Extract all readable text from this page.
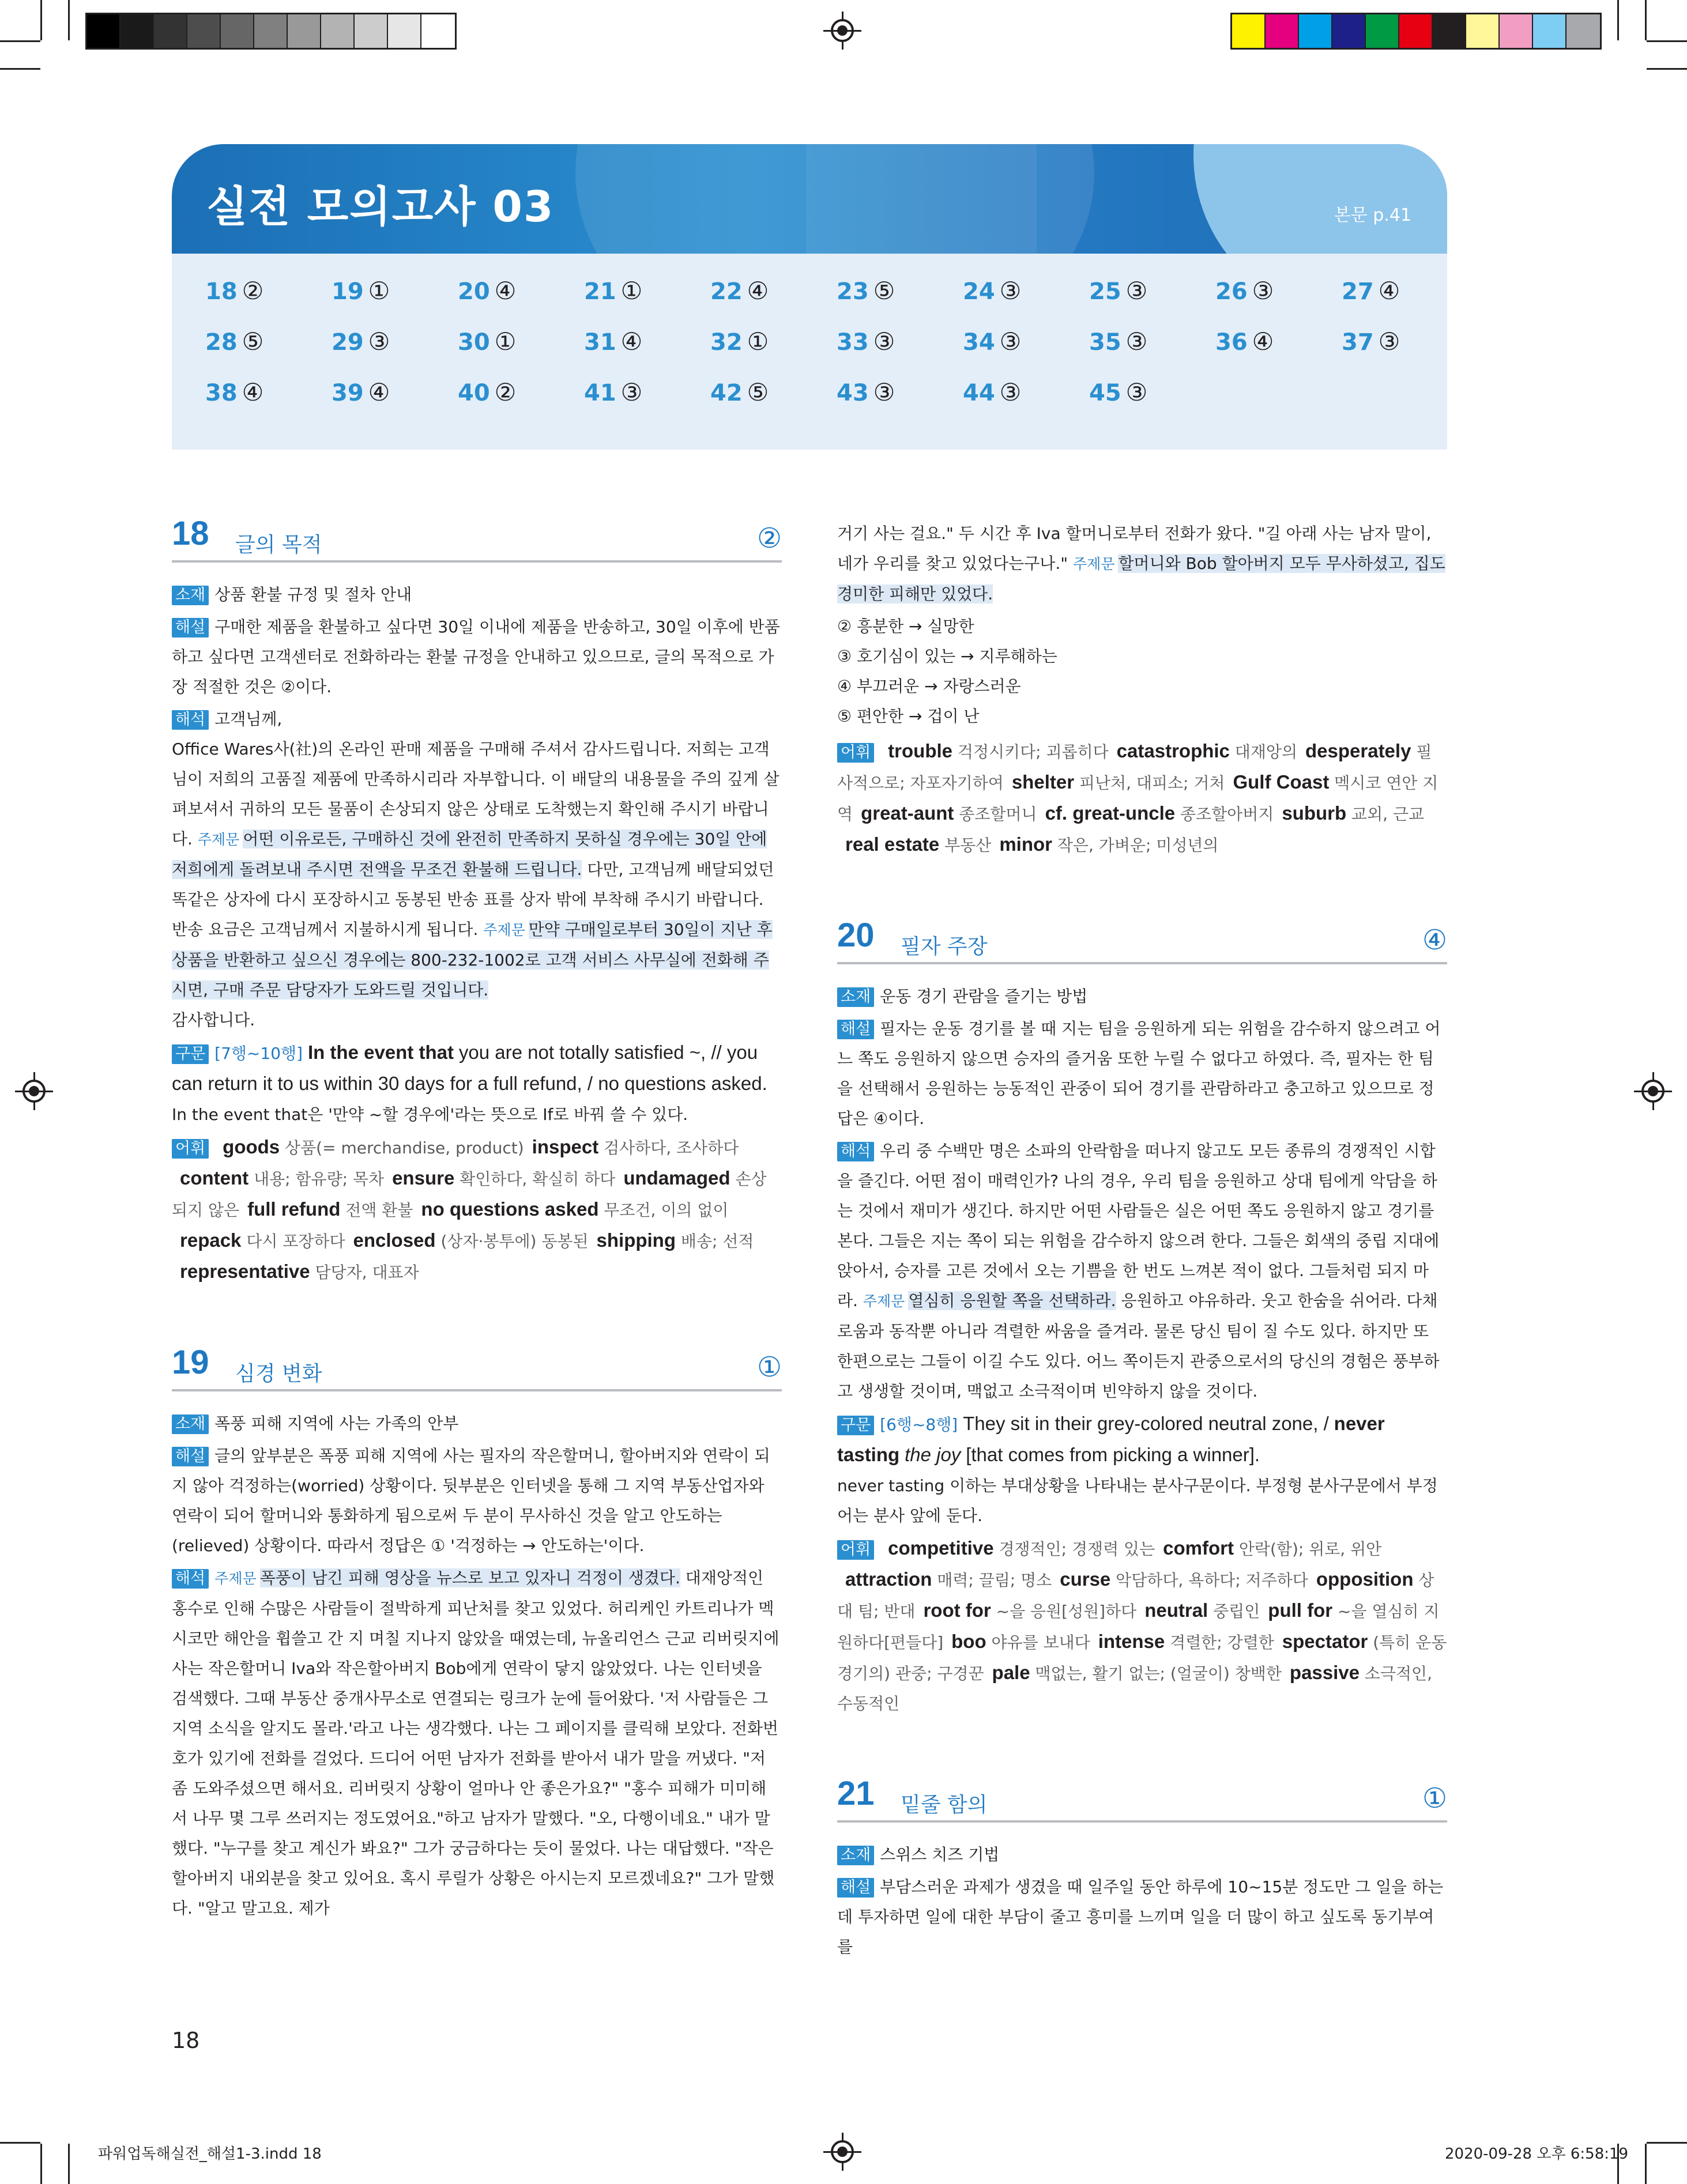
파워업독해실전_해설1-3.indd 18	2020-09-28 오후 6:58:19
실전 모의고사 03	본문 p.41
18 ②	19 ①	20 ④	21 ①	22 ④	23 ⑤	24 ③	25 ③	26 ③	27 ④
28 ⑤	29 ③	30 ①	31 ④	32 ①	33 ③	34 ③	35 ③	36 ④	37 ③
38 ④	39 ④	40 ②	41 ③	42 ⑤	43 ③	44 ③	45 ③
18 글의 목적	②
소재 상품 환불 규정 및 절차 안내
해설 구매한 제품을 환불하고 싶다면 30일 이내에 제품을 반송하고, 30일 이후에 반품하고 싶다면 고객센터로 전화하라는 환불 규정을 안내하고 있으므로, 글의 목적으로 가장 적절한 것은 ②이다.
해석 고객님께,
Office Wares사(社)의 온라인 판매 제품을 구매해 주셔서 감사드립니다. 저희는 고객님이 저희의 고품질 제품에 만족하시리라 자부합니다. 이 배달의 내용물을 주의 깊게 살펴보셔서 귀하의 모든 물품이 손상되지 않은 상태로 도착했는지 확인해 주시기 바랍니다. 주제문 어떤 이유로든, 구매하신 것에 완전히 만족하지 못하실 경우에는 30일 안에 저희에게 돌려보내 주시면 전액을 무조건 환불해 드립니다. 다만, 고객님께 배달되었던 똑같은 상자에 다시 포장하시고 동봉된 반송 표를 상자 밖에 부착해 주시기 바랍니다. 반송 요금은 고객님께서 지불하시게 됩니다. 주제문 만약 구매일로부터 30일이 지난 후 상품을 반환하고 싶으신 경우에는 800-232-1002로 고객 서비스 사무실에 전화해 주시면, 구매 주문 담당자가 도와드릴 것입니다.
감사합니다.
구문 [7행~10행] In the event that you are not totally satisfied ~, // you can return it to us within 30 days for a full refund, / no questions asked.
In the event that은 '만약 ~할 경우에'라는 뜻으로 If로 바꿔 쓸 수 있다.
어휘 goods 상품(= merchandise, product) inspect 검사하다, 조사하다content 내용; 함유량; 목차 ensure 확인하다, 확실히 하다 undamaged 손상되지 않은 full refund 전액 환불 no questions asked 무조건, 이의 없이repack 다시 포장하다 enclosed (상자·봉투에) 동봉된 shipping 배송; 선적representative 담당자, 대표자
19 심경 변화	①
소재 폭풍 피해 지역에 사는 가족의 안부
해설 글의 앞부분은 폭풍 피해 지역에 사는 필자의 작은할머니, 할아버지와 연락이 되지 않아 걱정하는(worried) 상황이다. 뒷부분은 인터넷을 통해 그 지역 부동산업자와 연락이 되어 할머니와 통화하게 됨으로써 두 분이 무사하신 것을 알고 안도하는(relieved) 상황이다. 따라서 정답은 ① '걱정하는 → 안도하는'이다.
해석 주제문 폭풍이 남긴 피해 영상을 뉴스로 보고 있자니 걱정이 생겼다. 대재앙적인 홍수로 인해 수많은 사람들이 절박하게 피난처를 찾고 있었다. 허리케인 카트리나가 멕시코만 해안을 휩쓸고 간 지 며칠 지나지 않았을 때였는데, 뉴올리언스 근교 리버릿지에 사는 작은할머니 Iva와 작은할아버지 Bob에게 연락이 닿지 않았었다. 나는 인터넷을 검색했다. 그때 부동산 중개사무소로 연결되는 링크가 눈에 들어왔다. '저 사람들은 그 지역 소식을 알지도 몰라.'라고 나는 생각했다. 나는 그 페이지를 클릭해 보았다. 전화번호가 있기에 전화를 걸었다. 드디어 어떤 남자가 전화를 받아서 내가 말을 꺼냈다. "저 좀 도와주셨으면 해서요. 리버릿지 상황이 얼마나 안 좋은가요?" "홍수 피해가 미미해서 나무 몇 그루 쓰러지는 정도였어요."하고 남자가 말했다. "오, 다행이네요." 내가 말했다. "누구를 찾고 계신가 봐요?" 그가 궁금하다는 듯이 물었다. 나는 대답했다. "작은할아버지 내외분을 찾고 있어요. 혹시 루릴가 상황은 아시는지 모르겠네요?" 그가 말했다. "알고 말고요. 제가
거기 사는 걸요." 두 시간 후 Iva 할머니로부터 전화가 왔다. "길 아래 사는 남자 말이, 네가 우리를 찾고 있었다는구나." 주제문 할머니와 Bob 할아버지 모두 무사하셨고, 집도 경미한 피해만 있었다.
② 흥분한 → 실망한
③ 호기심이 있는 → 지루해하는
④ 부끄러운 → 자랑스러운
⑤ 편안한 → 겁이 난
어휘 trouble 걱정시키다; 괴롭히다 catastrophic 대재앙의 desperately 필사적으로; 자포자기하여 shelter 피난처, 대피소; 거처 Gulf Coast 멕시코 연안 지역 great-aunt 종조할머니 cf. great-uncle 종조할아버지 suburb 교외, 근교real estate 부동산 minor 작은, 가벼운; 미성년의
20 필자 주장	④
소재 운동 경기 관람을 즐기는 방법
해설 필자는 운동 경기를 볼 때 지는 팀을 응원하게 되는 위험을 감수하지 않으려고 어느 쪽도 응원하지 않으면 승자의 즐거움 또한 누릴 수 없다고 하였다. 즉, 필자는 한 팀을 선택해서 응원하는 능동적인 관중이 되어 경기를 관람하라고 충고하고 있으므로 정답은 ④이다.
해석 우리 중 수백만 명은 소파의 안락함을 떠나지 않고도 모든 종류의 경쟁적인 시합을 즐긴다. 어떤 점이 매력인가? 나의 경우, 우리 팀을 응원하고 상대 팀에게 악담을 하는 것에서 재미가 생긴다. 하지만 어떤 사람들은 실은 어떤 쪽도 응원하지 않고 경기를 본다. 그들은 지는 쪽이 되는 위험을 감수하지 않으려 한다. 그들은 회색의 중립 지대에 앉아서, 승자를 고른 것에서 오는 기쁨을 한 번도 느껴본 적이 없다. 그들처럼 되지 마라. 주제문 열심히 응원할 쪽을 선택하라. 응원하고 야유하라. 웃고 한숨을 쉬어라. 다채로움과 동작뿐 아니라 격렬한 싸움을 즐겨라. 물론 당신 팀이 질 수도 있다. 하지만 또 한편으로는 그들이 이길 수도 있다. 어느 쪽이든지 관중으로서의 당신의 경험은 풍부하고 생생할 것이며, 맥없고 소극적이며 빈약하지 않을 것이다.
구문 [6행~8행] They sit in their grey-colored neutral zone, / never tasting the joy [that comes from picking a winner].
never tasting 이하는 부대상황을 나타내는 분사구문이다. 부정형 분사구문에서 부정어는 분사 앞에 둔다.
어휘 competitive 경쟁적인; 경쟁력 있는 comfort 안락(함); 위로, 위안attraction 매력; 끌림; 명소 curse 악담하다, 욕하다; 저주하다 opposition 상대 팀; 반대 root for ~을 응원[성원]하다 neutral 중립인 pull for ~을 열심히 지원하다[편들다] boo 야유를 보내다 intense 격렬한; 강렬한 spectator (특히 운동 경기의) 관중; 구경꾼 pale 맥없는, 활기 없는; (얼굴이) 창백한 passive 소극적인, 수동적인
21 밑줄 함의	①
소재 스위스 치즈 기법
해설 부담스러운 과제가 생겼을 때 일주일 동안 하루에 10~15분 정도만 그 일을 하는 데 투자하면 일에 대한 부담이 줄고 흥미를 느끼며 일을 더 많이 하고 싶도록 동기부여를
18
